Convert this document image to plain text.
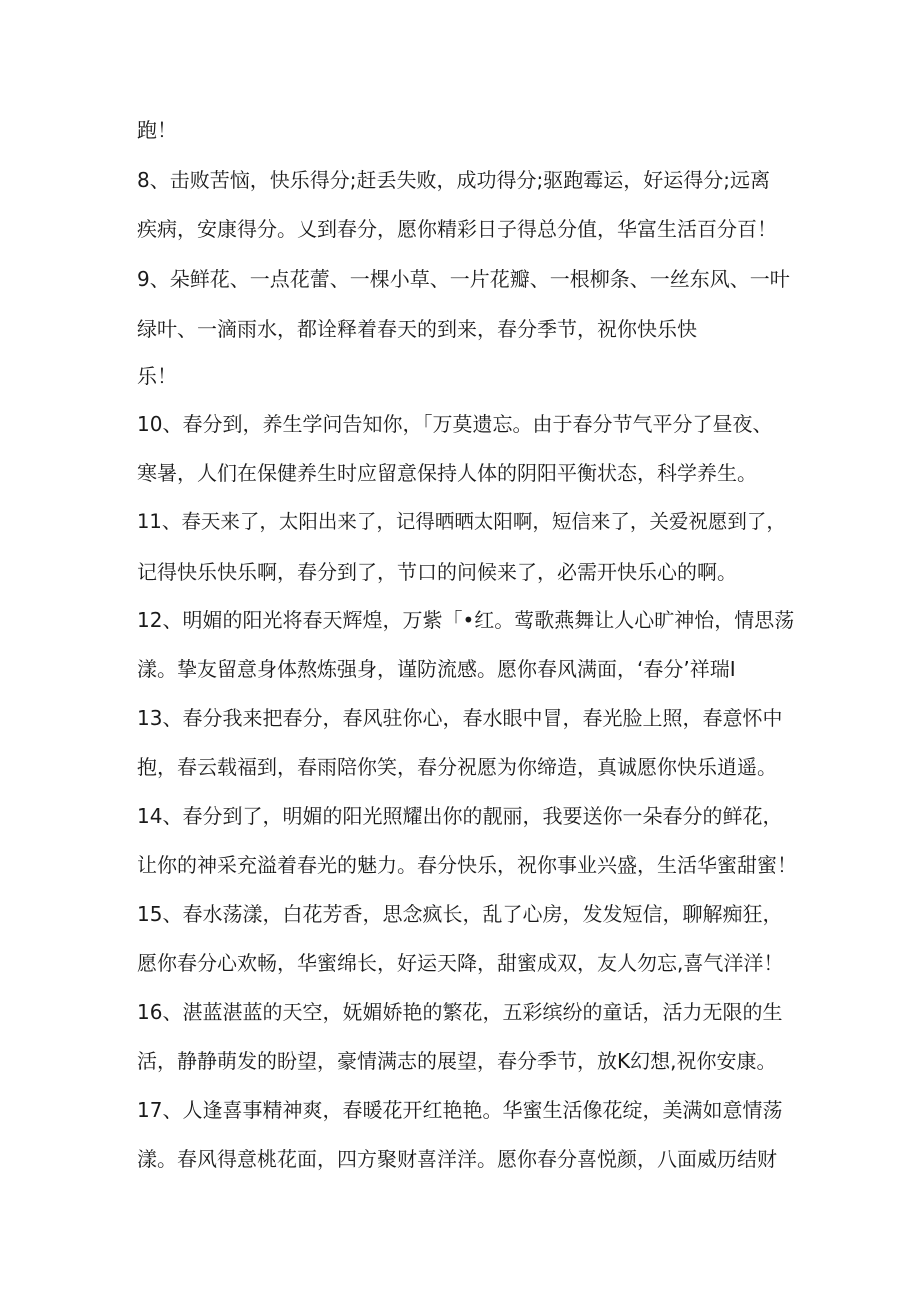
跑！
8、击败苦恼，快乐得分;赶丢失败，成功得分;驱跑霉运，好运得分;远离
疾病，安康得分。乂到春分，愿你精彩日子得总分值，华富生活百分百！
9、朵鲜花、一点花蕾、一棵小草、一片花瓣、一根柳条、一丝东风、一叶
绿叶、一滴雨水，都诠释着春天的到来，春分季节，祝你快乐快
乐！
10、春分到，养生学问告知你，「万莫遗忘。由于春分节气平分了昼夜、
寒暑，人们在保健养生时应留意保持人体的阴阳平衡状态，科学养生。
11、春天来了，太阳出来了，记得晒晒太阳啊，短信来了，关爱祝愿到了，
记得快乐快乐啊，春分到了，节口的问候来了，必需开快乐心的啊。
12、明媚的阳光将春天辉煌，万紫「•红。莺歌燕舞让人心旷神怡，情思荡
漾。挚友留意身体熬炼强身，谨防流感。愿你春风满面，‘春分’祥瑞I
13、春分我来把春分，春风驻你心，春水眼中冒，春光脸上照，春意怀中
抱，春云载福到，春雨陪你笑，春分祝愿为你缔造，真诚愿你快乐逍遥。
14、春分到了，明媚的阳光照耀出你的靓丽，我要送你一朵春分的鲜花，
让你的神采充溢着春光的魅力。春分快乐，祝你事业兴盛，生活华蜜甜蜜！
15、春水荡漾，白花芳香，思念疯长，乱了心房，发发短信，聊解痴狂，
愿你春分心欢畅，华蜜绵长，好运天降，甜蜜成双，友人勿忘,喜气洋洋！
16、湛蓝湛蓝的天空，妩媚娇艳的繁花，五彩缤纷的童话，活力无限的生
活，静静萌发的盼望，豪情满志的展望，春分季节，放K幻想,祝你安康。
17、人逢喜事精神爽，春暖花开红艳艳。华蜜生活像花绽，美满如意情荡
漾。春风得意桃花面，四方聚财喜洋洋。愿你春分喜悦颜，八面威历结财
